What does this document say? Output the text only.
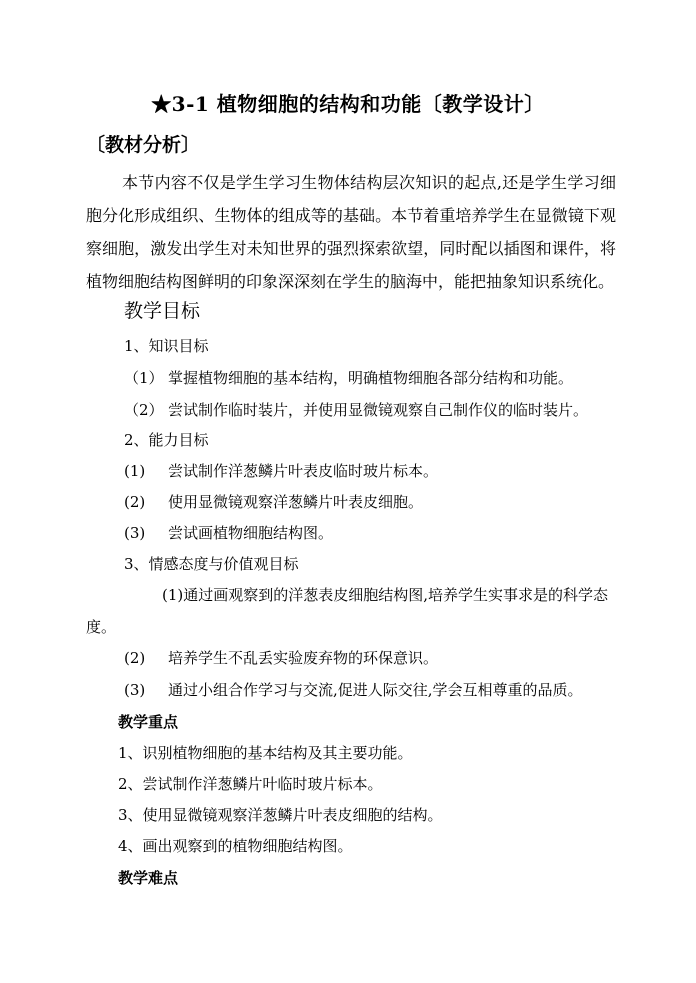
★3-1 植物细胞的结构和功能〔教学设计〕
〔教材分析〕

本节内容不仅是学生学习生物体结构层次知识的起点,还是学生学习细胞分化形成组织、生物体的组成等的基础。本节着重培养学生在显微镜下观察细胞，激发出学生对未知世界的强烈探索欲望，同时配以插图和课件，将植物细胞结构图鲜明的印象深深刻在学生的脑海中，能把抽象知识系统化。

教学目标
1、知识目标
（1） 掌握植物细胞的基本结构，明确植物细胞各部分结构和功能。
（2） 尝试制作临时装片，并使用显微镜观察自己制作仪的临时装片。
2、能力目标
(1) 尝试制作洋葱鳞片叶表皮临时玻片标本。
(2) 使用显微镜观察洋葱鳞片叶表皮细胞。
(3) 尝试画植物细胞结构图。
3、情感态度与价值观目标

(1)通过画观察到的洋葱表皮细胞结构图,培养学生实事求是的科学态度。

(2) 培养学生不乱丢实验废弃物的环保意识。
(3) 通过小组合作学习与交流,促进人际交往,学会互相尊重的品质。
教学重点
1、识别植物细胞的基本结构及其主要功能。
2、尝试制作洋葱鳞片叶临时玻片标本。
3、使用显微镜观察洋葱鳞片叶表皮细胞的结构。
4、画出观察到的植物细胞结构图。
教学难点
